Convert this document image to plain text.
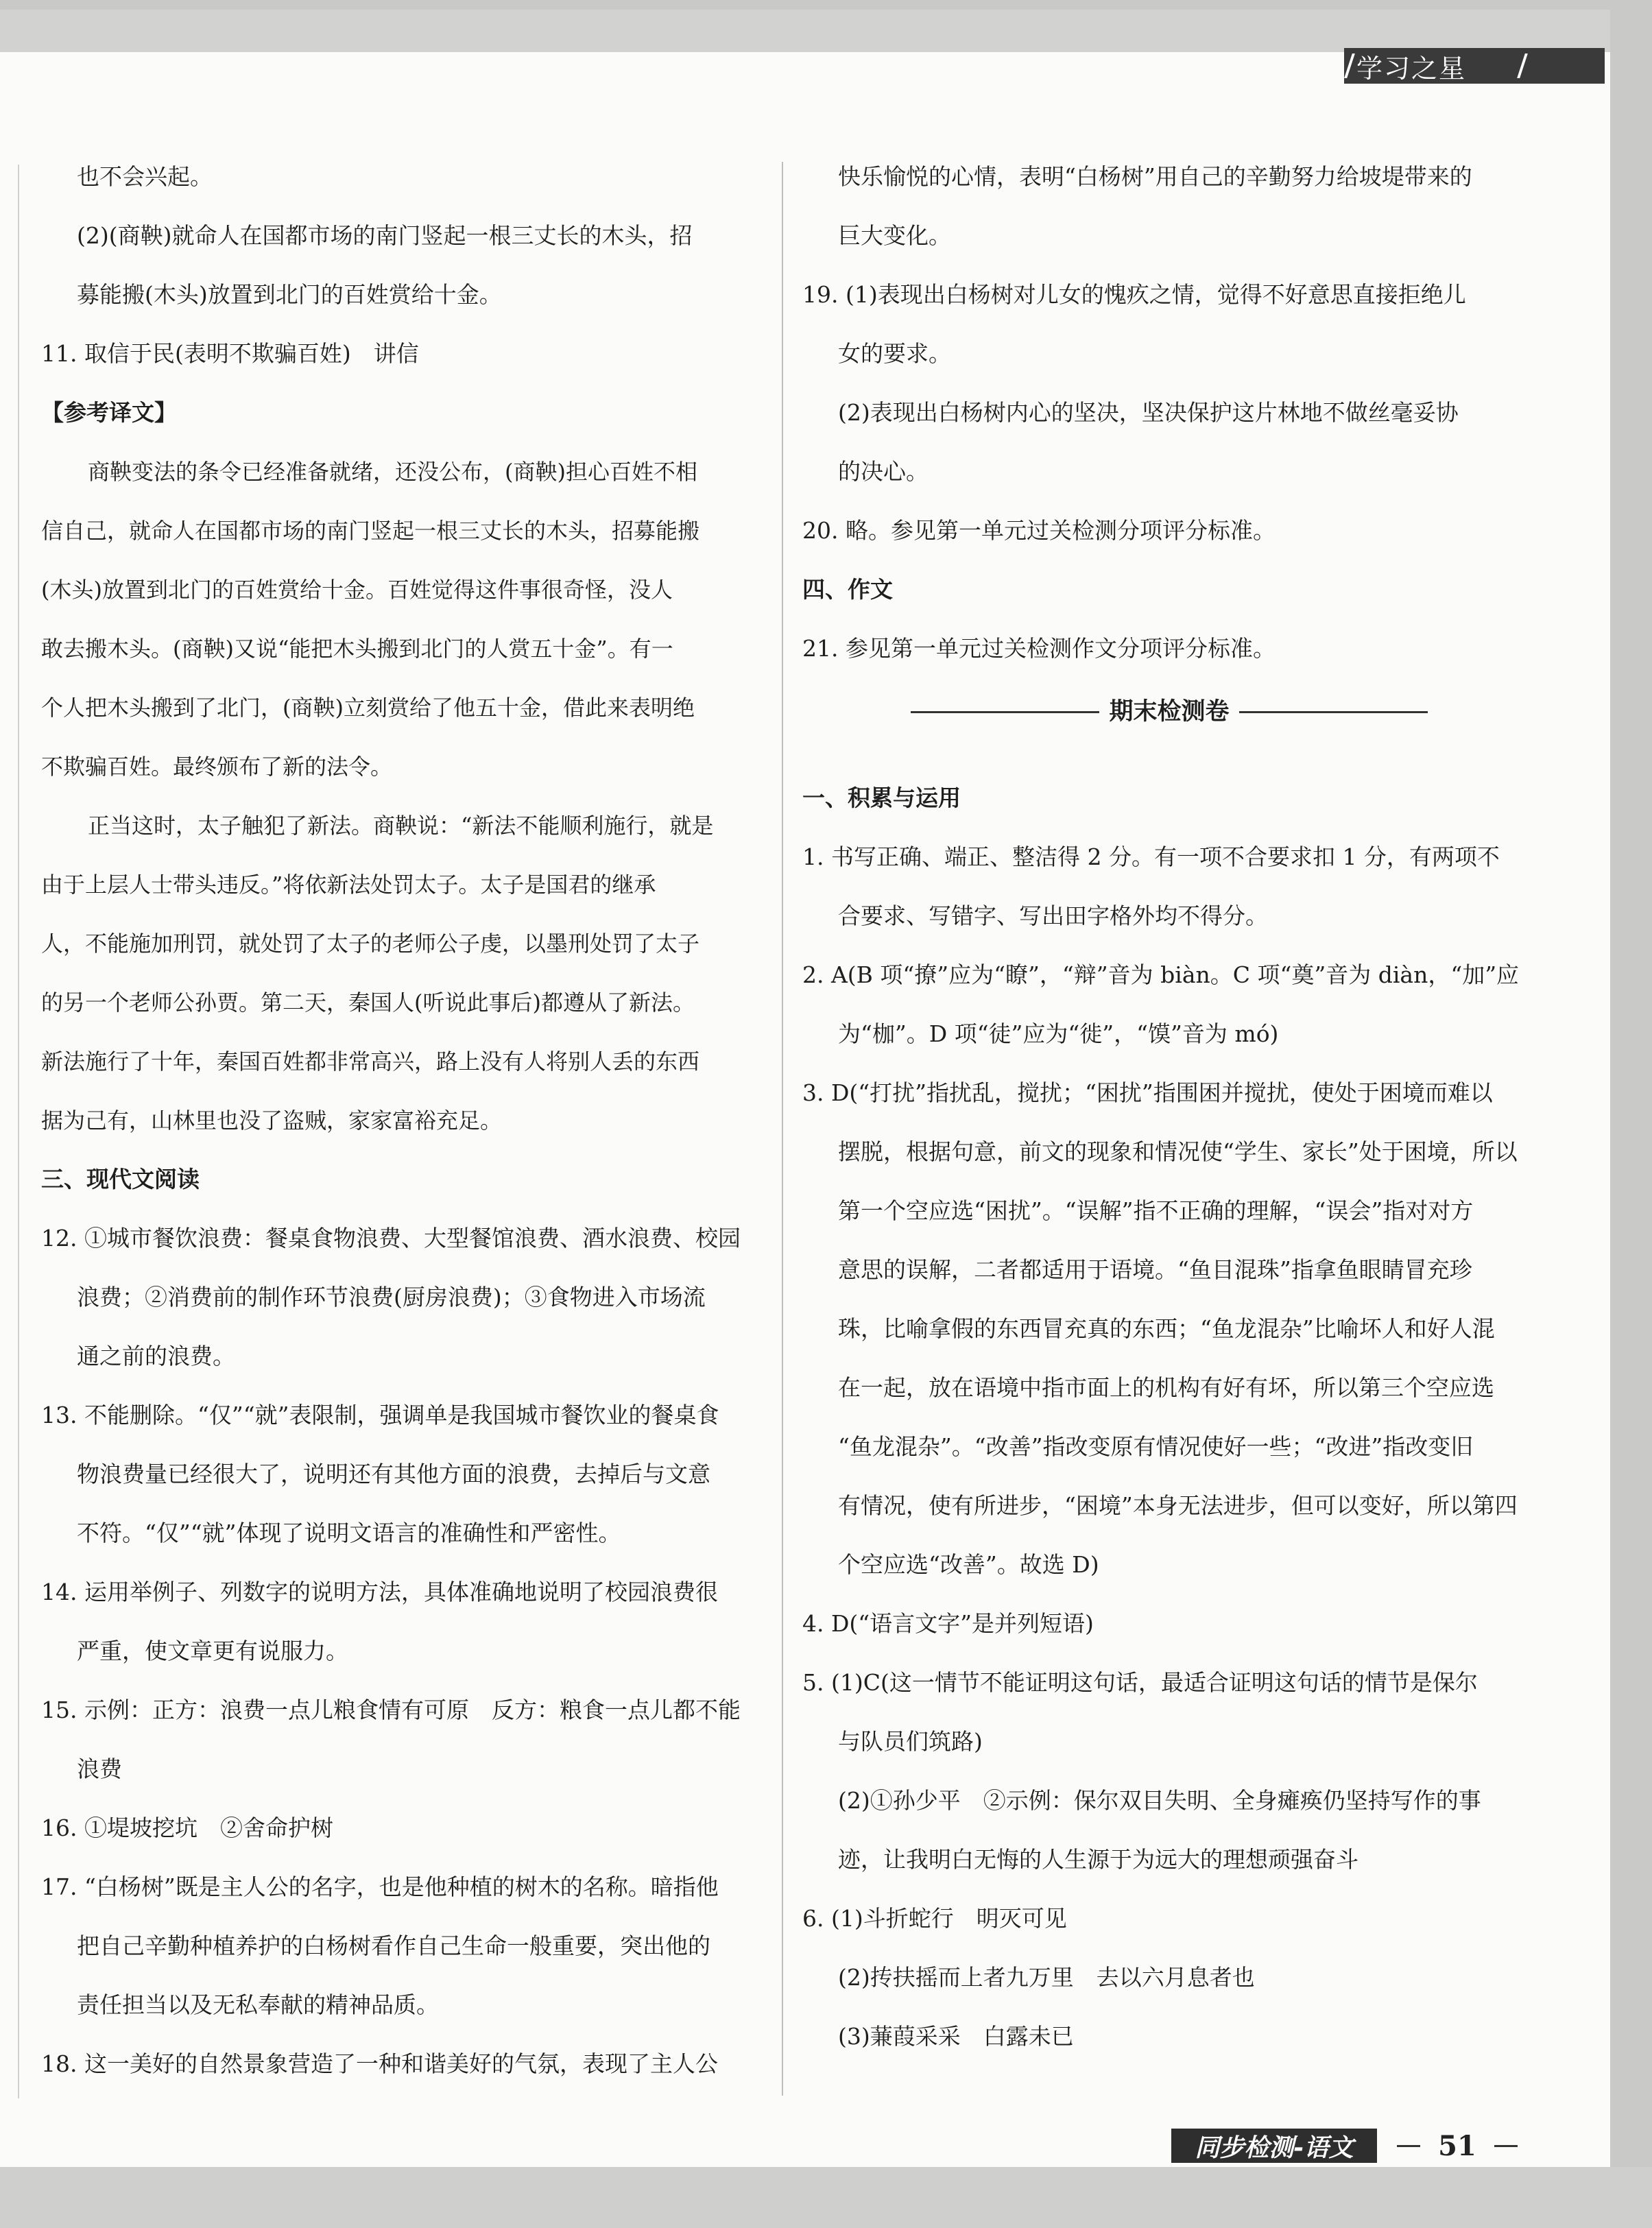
学习之星
也不会兴起。
(2)(商鞅)就命人在国都市场的南门竖起一根三丈长的木头，招
募能搬(木头)放置到北门的百姓赏给十金。
11. 取信于民(表明不欺骗百姓)　讲信
【参考译文】
商鞅变法的条令已经准备就绪，还没公布，(商鞅)担心百姓不相
信自己，就命人在国都市场的南门竖起一根三丈长的木头，招募能搬
(木头)放置到北门的百姓赏给十金。百姓觉得这件事很奇怪，没人
敢去搬木头。(商鞅)又说“能把木头搬到北门的人赏五十金”。有一
个人把木头搬到了北门，(商鞅)立刻赏给了他五十金，借此来表明绝
不欺骗百姓。最终颁布了新的法令。
正当这时，太子触犯了新法。商鞅说：“新法不能顺利施行，就是
由于上层人士带头违反。”将依新法处罚太子。太子是国君的继承
人，不能施加刑罚，就处罚了太子的老师公子虔，以墨刑处罚了太子
的另一个老师公孙贾。第二天，秦国人(听说此事后)都遵从了新法。
新法施行了十年，秦国百姓都非常高兴，路上没有人将别人丢的东西
据为己有，山林里也没了盗贼，家家富裕充足。
三、现代文阅读
12. ①城市餐饮浪费：餐桌食物浪费、大型餐馆浪费、酒水浪费、校园
浪费；②消费前的制作环节浪费(厨房浪费)；③食物进入市场流
通之前的浪费。
13. 不能删除。“仅”“就”表限制，强调单是我国城市餐饮业的餐桌食
物浪费量已经很大了，说明还有其他方面的浪费，去掉后与文意
不符。“仅”“就”体现了说明文语言的准确性和严密性。
14. 运用举例子、列数字的说明方法，具体准确地说明了校园浪费很
严重，使文章更有说服力。
15. 示例：正方：浪费一点儿粮食情有可原　反方：粮食一点儿都不能
浪费
16. ①堤坡挖坑　②舍命护树
17. “白杨树”既是主人公的名字，也是他种植的树木的名称。暗指他
把自己辛勤种植养护的白杨树看作自己生命一般重要，突出他的
责任担当以及无私奉献的精神品质。
18. 这一美好的自然景象营造了一种和谐美好的气氛，表现了主人公
快乐愉悦的心情，表明“白杨树”用自己的辛勤努力给坡堤带来的
巨大变化。
19. (1)表现出白杨树对儿女的愧疚之情，觉得不好意思直接拒绝儿
女的要求。
(2)表现出白杨树内心的坚决，坚决保护这片林地不做丝毫妥协
的决心。
20. 略。参见第一单元过关检测分项评分标准。
四、作文
21. 参见第一单元过关检测作文分项评分标准。
期末检测卷
一、积累与运用
1. 书写正确、端正、整洁得 2 分。有一项不合要求扣 1 分，有两项不
合要求、写错字、写出田字格外均不得分。
2. A(B 项“撩”应为“瞭”，“辩”音为 biàn。C 项“奠”音为 diàn，“加”应
为“枷”。D 项“徒”应为“徙”，“馍”音为 mó)
3. D(“打扰”指扰乱，搅扰；“困扰”指围困并搅扰，使处于困境而难以
摆脱，根据句意，前文的现象和情况使“学生、家长”处于困境，所以
第一个空应选“困扰”。“误解”指不正确的理解，“误会”指对对方
意思的误解，二者都适用于语境。“鱼目混珠”指拿鱼眼睛冒充珍
珠，比喻拿假的东西冒充真的东西；“鱼龙混杂”比喻坏人和好人混
在一起，放在语境中指市面上的机构有好有坏，所以第三个空应选
“鱼龙混杂”。“改善”指改变原有情况使好一些；“改进”指改变旧
有情况，使有所进步，“困境”本身无法进步，但可以变好，所以第四
个空应选“改善”。故选 D)
4. D(“语言文字”是并列短语)
5. (1)C(这一情节不能证明这句话，最适合证明这句话的情节是保尔
与队员们筑路)
(2)①孙少平　②示例：保尔双目失明、全身瘫痪仍坚持写作的事
迹，让我明白无悔的人生源于为远大的理想顽强奋斗
6. (1)斗折蛇行　明灭可见
(2)抟扶摇而上者九万里　去以六月息者也
(3)蒹葭采采　白露未已
同步检测-语文	51
